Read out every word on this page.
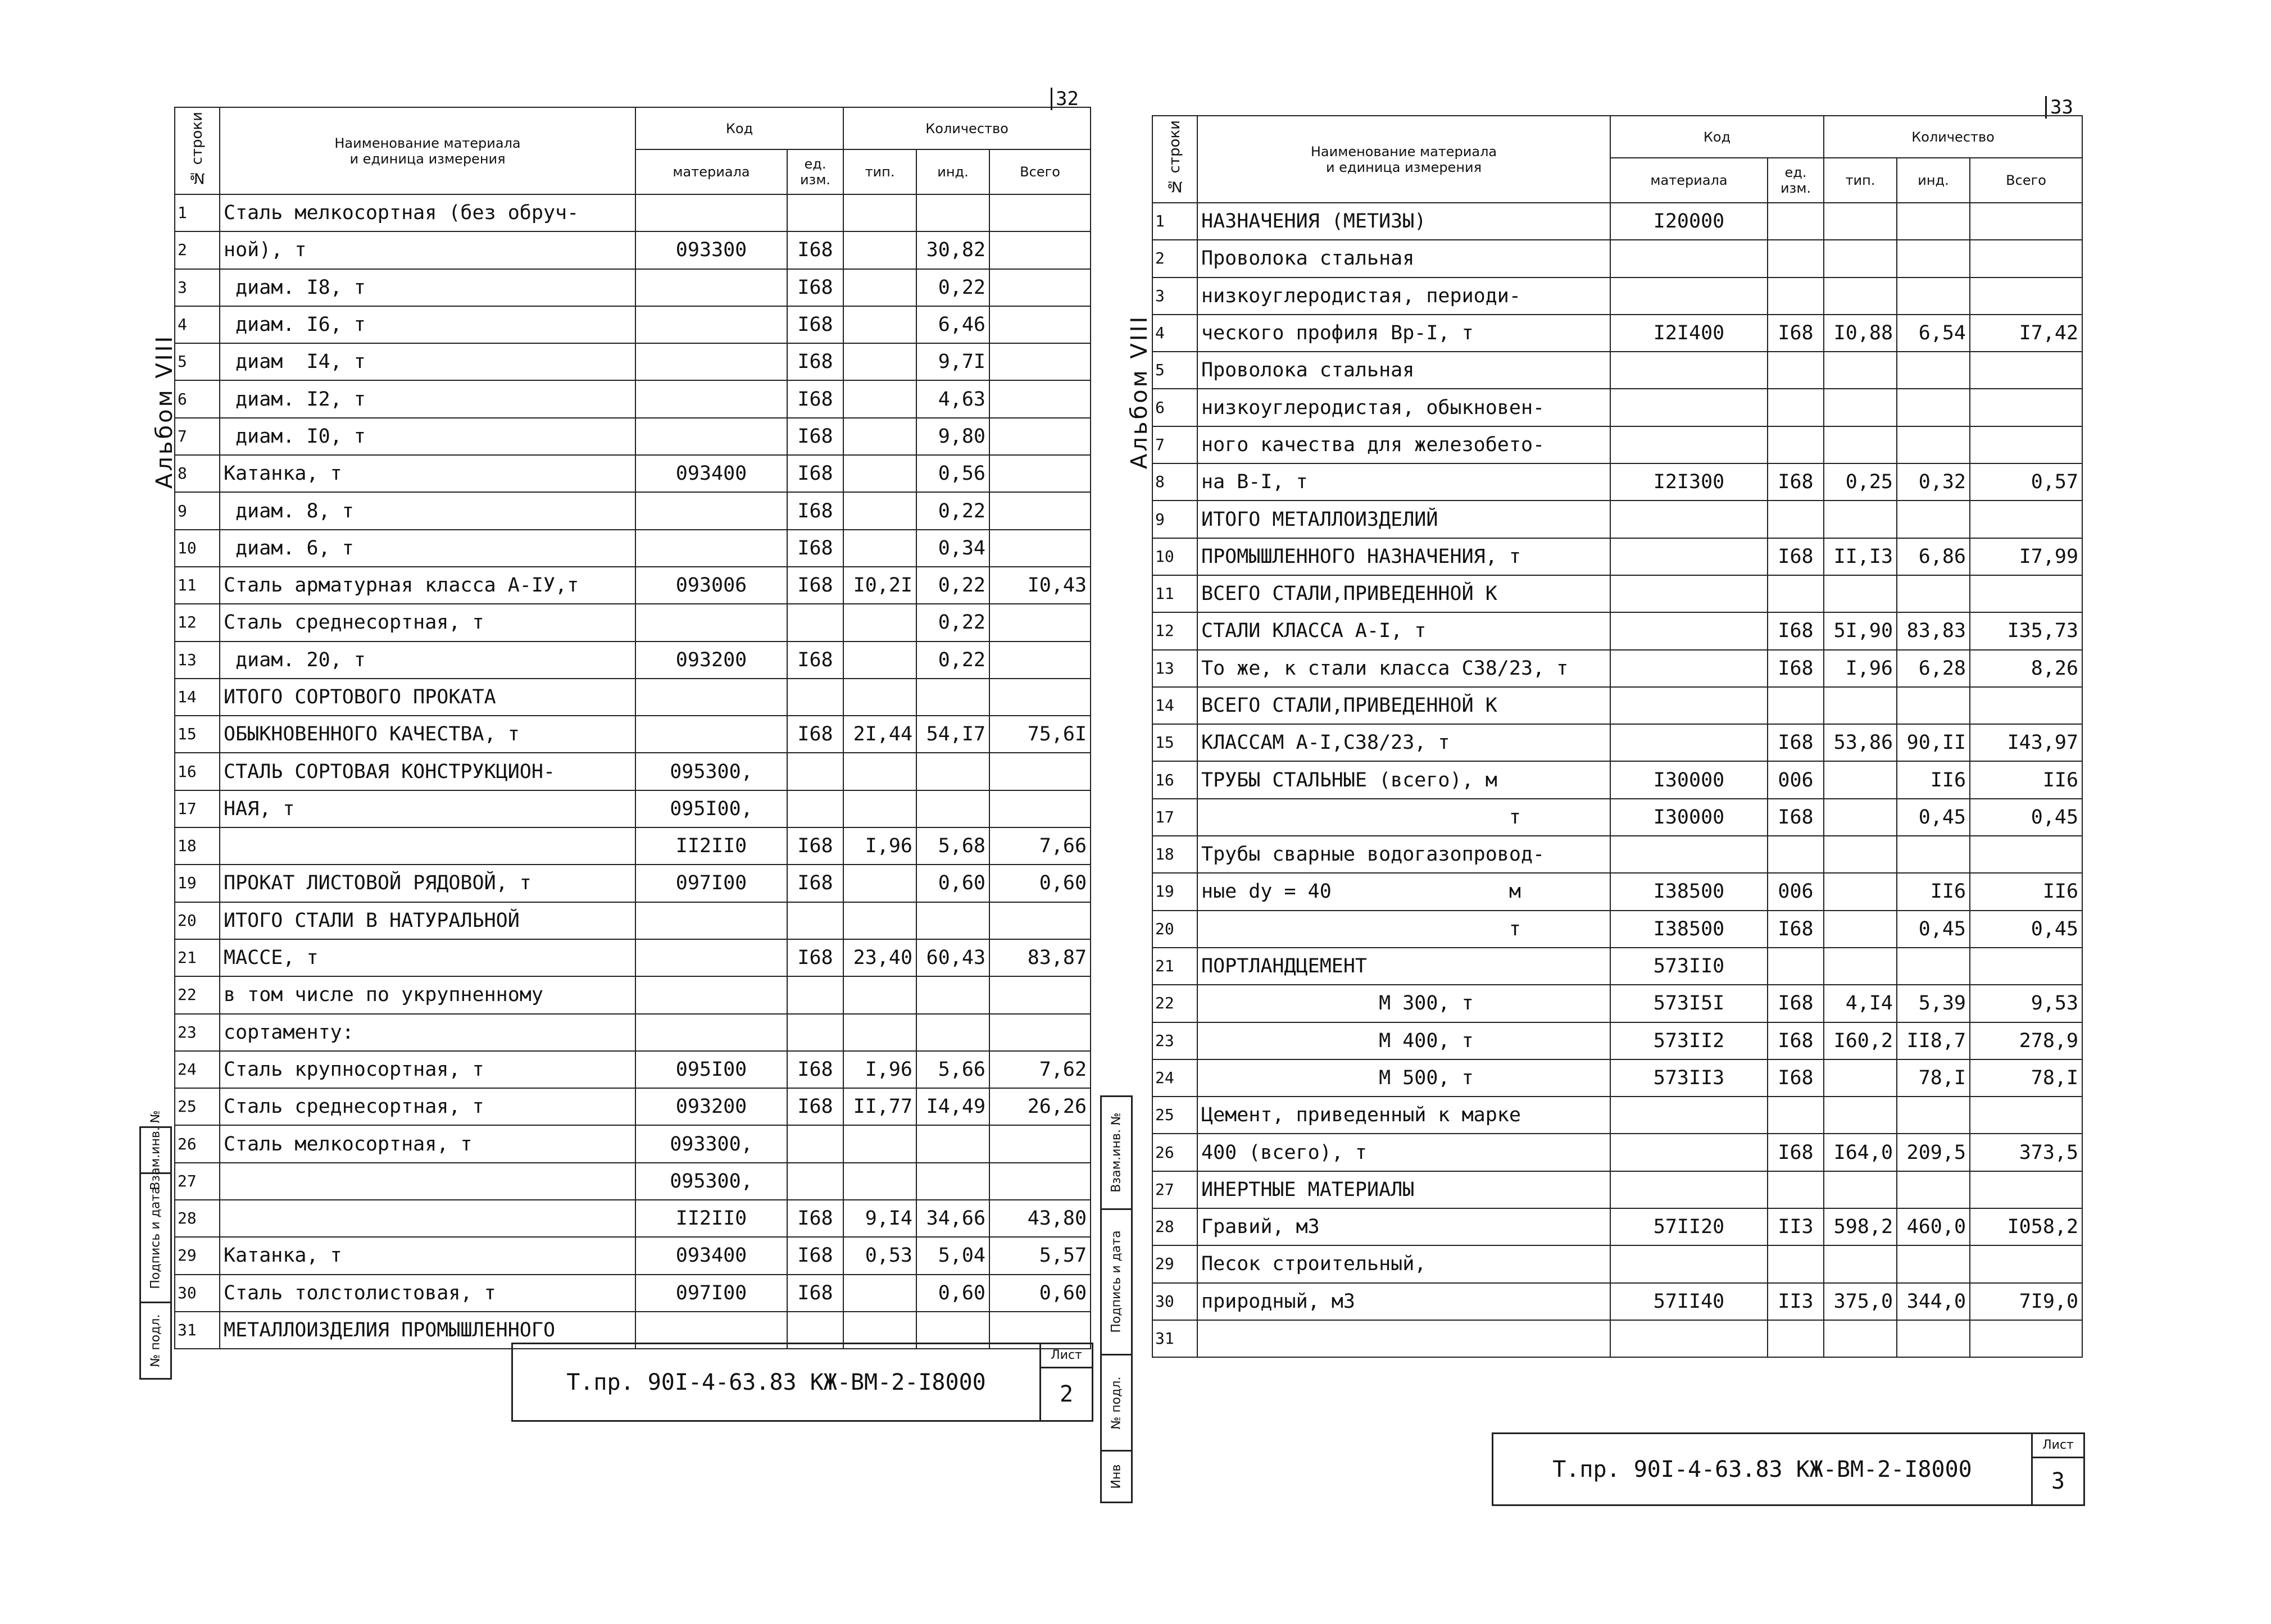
32
Альбом VIII
№ строки	Наименование материала
и единица измерения	Код		Количество		
		материала	ед. изм.	тип.	инд.	Всего
1	Сталь мелкосортная (без обруч-					
2	ной), т	093300	I68		30,82	
3	диам. I8, т		I68		0,22	
4	диам. I6, т		I68		6,46	
5	диам  I4, т		I68		9,7I	
6	диам. I2, т		I68		4,63	
7	диам. I0, т		I68		9,80	
8	Катанка, т	093400	I68		0,56	
9	диам. 8, т		I68		0,22	
10	диам. 6, т		I68		0,34	
11	Сталь арматурная класса А-IУ,т	093006	I68	I0,2I	0,22	I0,43
12	Сталь среднесортная, т				0,22	
13	диам. 20, т	093200	I68		0,22	
14	ИТОГО СОРТОВОГО ПРОКАТА					
15	ОБЫКНОВЕННОГО КАЧЕСТВА, т		I68	2I,44	54,I7	75,6I
16	СТАЛЬ СОРТОВАЯ КОНСТРУКЦИОН-	095300,				
17	НАЯ, т	095I00,				
18		II2II0	I68	I,96	5,68	7,66
19	ПРОКАТ ЛИСТОВОЙ РЯДОВОЙ, т	097I00	I68		0,60	0,60
20	ИТОГО СТАЛИ В НАТУРАЛЬНОЙ					
21	МАССЕ, т		I68	23,40	60,43	83,87
22	в том числе по укрупненному					
23	сортаменту:					
24	Сталь крупносортная, т	095I00	I68	I,96	5,66	7,62
25	Сталь среднесортная, т	093200	I68	II,77	I4,49	26,26
26	Сталь мелкосортная, т	093300,				
27		095300,				
28		II2II0	I68	9,I4	34,66	43,80
29	Катанка, т	093400	I68	0,53	5,04	5,57
30	Сталь толстолистовая, т	097I00	I68		0,60	0,60
31	МЕТАЛЛОИЗДЕЛИЯ ПРОМЫШЛЕННОГО					
Взам.инв. №
Подпись и дата
№ подл.
Т.пр. 90I-4-63.83 КЖ-ВМ-2-I8000
Лист
2
33
Альбом VIII
№ строки	Наименование материала
и единица измерения	Код		Количество		
		материала	ед. изм.	тип.	инд.	Всего
1	НАЗНАЧЕНИЯ (МЕТИЗЫ)	I20000				
2	Проволока стальная					
3	низкоуглеродистая, периоди-					
4	ческого профиля Вр-I, т	I2I400	I68	I0,88	6,54	I7,42
5	Проволока стальная					
6	низкоуглеродистая, обыкновен-					
7	ного качества для железобето-					
8	на В-I, т	I2I300	I68	0,25	0,32	0,57
9	ИТОГО МЕТАЛЛОИЗДЕЛИЙ					
10	ПРОМЫШЛЕННОГО НАЗНАЧЕНИЯ, т		I68	II,I3	6,86	I7,99
11	ВСЕГО СТАЛИ,ПРИВЕДЕННОЙ К					
12	СТАЛИ КЛАССА А-I, т		I68	5I,90	83,83	I35,73
13	То же, к стали класса С38/23, т		I68	I,96	6,28	8,26
14	ВСЕГО СТАЛИ,ПРИВЕДЕННОЙ К					
15	КЛАССАМ А-I,С38/23, т		I68	53,86	90,II	I43,97
16	ТРУБЫ СТАЛЬНЫЕ (всего), м	I30000	006		II6	II6
17	т	I30000	I68		0,45	0,45
18	Трубы сварные водогазопровод-					
19	ные dу = 40               м	I38500	006		II6	II6
20	т	I38500	I68		0,45	0,45
21	ПОРТЛАНДЦЕМЕНТ	573II0				
22	М 300, т	573I5I	I68	4,I4	5,39	9,53
23	М 400, т	573II2	I68	I60,2	II8,7	278,9
24	М 500, т	573II3	I68		78,I	78,I
25	Цемент, приведенный к марке					
26	400 (всего), т		I68	I64,0	209,5	373,5
27	ИНЕРТНЫЕ МАТЕРИАЛЫ					
28	Гравий, м3	57II20	II3	598,2	460,0	I058,2
29	Песок строительный,					
30	природный, м3	57II40	II3	375,0	344,0	7I9,0
31						
Взам.инв. №
Подпись и дата
№ подл.
Инв	Т.пр. 90I-4-63.83 КЖ-ВМ-2-I8000
Лист
3
